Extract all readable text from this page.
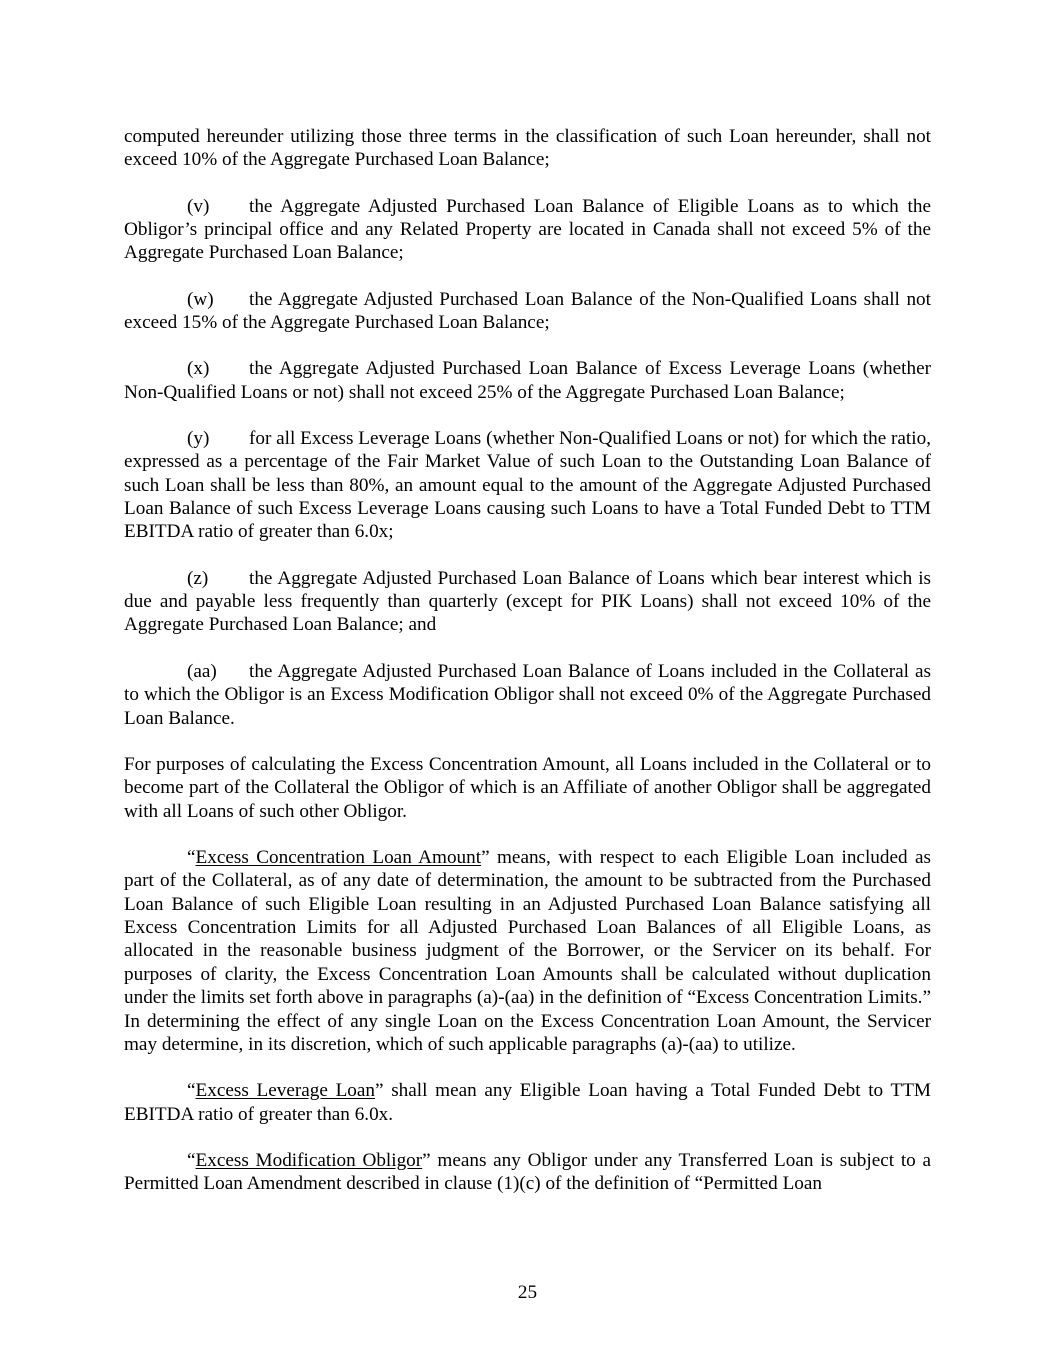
computed hereunder utilizing those three terms in the classification of such Loan hereunder, shall not exceed 10% of the Aggregate Purchased Loan Balance;

(v) the Aggregate Adjusted Purchased Loan Balance of Eligible Loans as to which the Obligor’s principal office and any Related Property are located in Canada shall not exceed 5% of the Aggregate Purchased Loan Balance;

(w) the Aggregate Adjusted Purchased Loan Balance of the Non-Qualified Loans shall not exceed 15% of the Aggregate Purchased Loan Balance;

(x) the Aggregate Adjusted Purchased Loan Balance of Excess Leverage Loans (whether Non-Qualified Loans or not) shall not exceed 25% of the Aggregate Purchased Loan Balance;

(y) for all Excess Leverage Loans (whether Non-Qualified Loans or not) for which the ratio, expressed as a percentage of the Fair Market Value of such Loan to the Outstanding Loan Balance of such Loan shall be less than 80%, an amount equal to the amount of the Aggregate Adjusted Purchased Loan Balance of such Excess Leverage Loans causing such Loans to have a Total Funded Debt to TTM EBITDA ratio of greater than 6.0x;

(z) the Aggregate Adjusted Purchased Loan Balance of Loans which bear interest which is due and payable less frequently than quarterly (except for PIK Loans) shall not exceed 10% of the Aggregate Purchased Loan Balance; and

(aa) the Aggregate Adjusted Purchased Loan Balance of Loans included in the Collateral as to which the Obligor is an Excess Modification Obligor shall not exceed 0% of the Aggregate Purchased Loan Balance.

For purposes of calculating the Excess Concentration Amount, all Loans included in the Collateral or to become part of the Collateral the Obligor of which is an Affiliate of another Obligor shall be aggregated with all Loans of such other Obligor.

“Excess Concentration Loan Amount” means, with respect to each Eligible Loan included as part of the Collateral, as of any date of determination, the amount to be subtracted from the Purchased Loan Balance of such Eligible Loan resulting in an Adjusted Purchased Loan Balance satisfying all Excess Concentration Limits for all Adjusted Purchased Loan Balances of all Eligible Loans, as allocated in the reasonable business judgment of the Borrower, or the Servicer on its behalf. For purposes of clarity, the Excess Concentration Loan Amounts shall be calculated without duplication under the limits set forth above in paragraphs (a)-(aa) in the definition of “Excess Concentration Limits.” In determining the effect of any single Loan on the Excess Concentration Loan Amount, the Servicer may determine, in its discretion, which of such applicable paragraphs (a)-(aa) to utilize.

“Excess Leverage Loan” shall mean any Eligible Loan having a Total Funded Debt to TTM EBITDA ratio of greater than 6.0x.

“Excess Modification Obligor” means any Obligor under any Transferred Loan is subject to a Permitted Loan Amendment described in clause (1)(c) of the definition of “Permitted Loan

25
